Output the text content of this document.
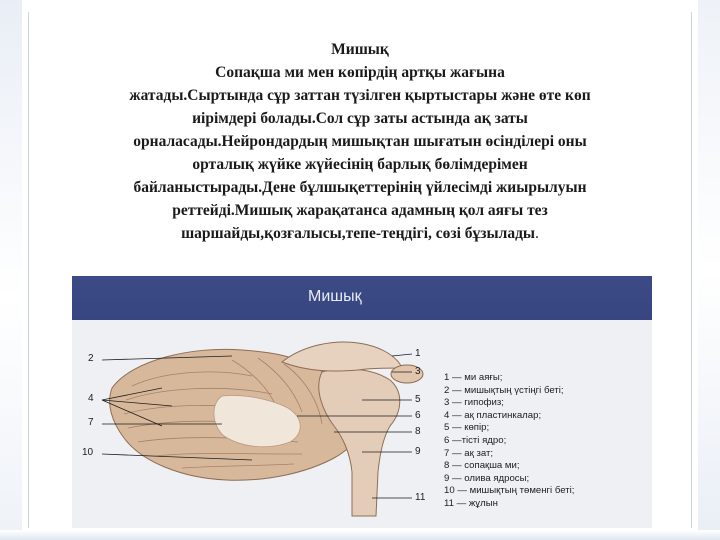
Мишық
Сопақша ми мен көпірдің артқы жағына
жатады.Сыртында сұр заттан түзілген қыртыстары және өте көп
иірімдері болады.Сол сұр заты астында ақ заты
орналасады.Нейрондардың мишықтан шығатын өсінділері оны
орталық жүйке жүйесінің барлық бөлімдерімен
байланыстырады.Дене бұлшықеттерінің үйлесімді жиырылуын
реттейді.Мишық жарақатанса адамның қол аяғы тез
шаршайды,қозғалысы,тепе-теңдігі, сөзі бұзылады.
Мишық
2
4
7
10
1
3
5
6
8
9
11
1 — ми аяғы;
2 — мишықтың үстіңгі беті;
3 — гипофиз;
4 — ақ пластинкалар;
5 — көпір;
6 —тісті ядро;
7 — ақ зат;
8 — сопақша ми;
9 — олива ядросы;
10 — мишықтың төменгі беті;
11 — жұлын
